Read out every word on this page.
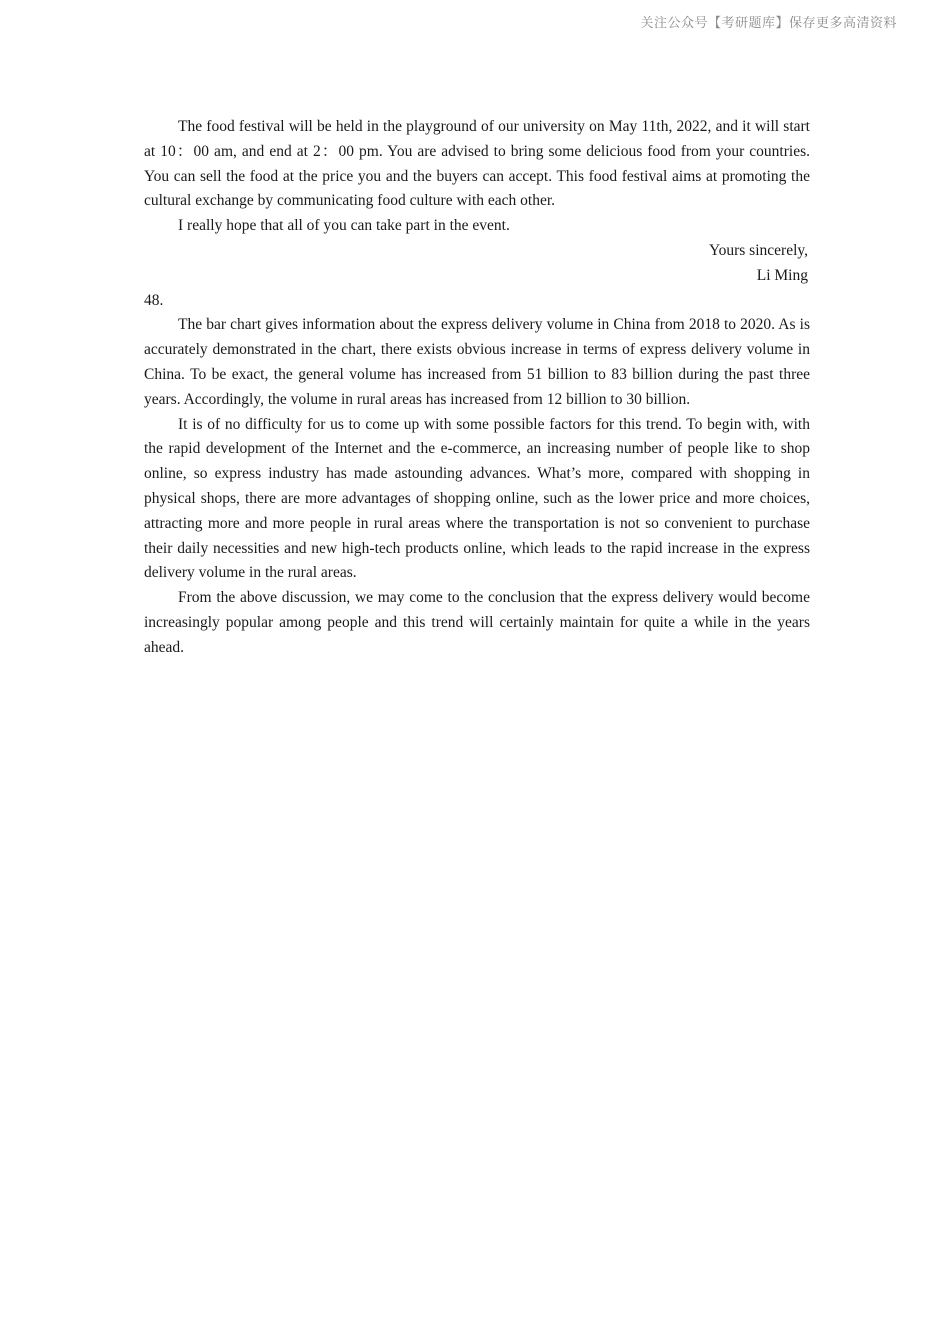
关注公众号【考研题库】保存更多高清资料

The food festival will be held in the playground of our university on May 11th, 2022, and it will start at 10：00 am, and end at 2：00 pm. You are advised to bring some delicious food from your countries. You can sell the food at the price you and the buyers can accept. This food festival aims at promoting the cultural exchange by communicating food culture with each other.

I really hope that all of you can take part in the event.

Yours sincerely,

Li Ming

48.

The bar chart gives information about the express delivery volume in China from 2018 to 2020. As is accurately demonstrated in the chart, there exists obvious increase in terms of express delivery volume in China. To be exact, the general volume has increased from 51 billion to 83 billion during the past three years. Accordingly, the volume in rural areas has increased from 12 billion to 30 billion.

It is of no difficulty for us to come up with some possible factors for this trend. To begin with, with the rapid development of the Internet and the e-commerce, an increasing number of people like to shop online, so express industry has made astounding advances. What’s more, compared with shopping in physical shops, there are more advantages of shopping online, such as the lower price and more choices, attracting more and more people in rural areas where the transportation is not so convenient to purchase their daily necessities and new high-tech products online, which leads to the rapid increase in the express delivery volume in the rural areas.

From the above discussion, we may come to the conclusion that the express delivery would become increasingly popular among people and this trend will certainly maintain for quite a while in the years ahead.
